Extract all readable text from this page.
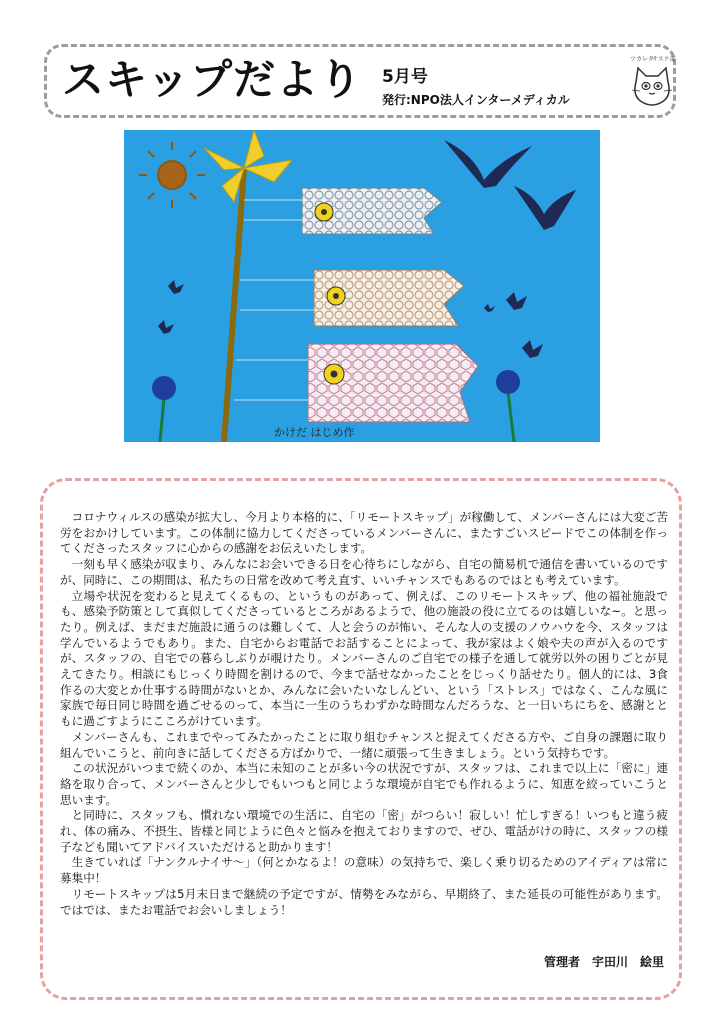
スキップだより 5月号
発行:NPO法人インターメディカル
ツカレタ
サスケ部
かけだ はじめ作

コロナウィルスの感染が拡大し、今月より本格的に、「リモートスキップ」が稼働して、メンバーさんには大変ご苦労をおかけしています。この体制に協力してくださっているメンバーさんに、またすごいスピードでこの体制を作ってくださったスタッフに心からの感謝をお伝えいたします。

一刻も早く感染が収まり、みんなにお会いできる日を心待ちにしながら、自宅の簡易机で通信を書いているのですが、同時に、この期間は、私たちの日常を改めて考え直す、いいチャンスでもあるのではとも考えています。

立場や状況を変わると見えてくるもの、というものがあって、例えば、このリモートスキップ、他の福祉施設でも、感染予防策として真似してくださっているところがあるようで、他の施設の役に立てるのは嬉しいな~。と思ったり。例えば、まだまだ施設に通うのは難しくて、人と会うのが怖い、そんな人の支援のノウハウを今、スタッフは学んでいるようでもあり。また、自宅からお電話でお話することによって、我が家はよく娘や夫の声が入るのですが、スタッフの、自宅での暮らしぶりが覗けたり。メンバーさんのご自宅での様子を通して就労以外の困りごとが見えてきたり。相談にもじっくり時間を割けるので、今まで話せなかったことをじっくり話せたり。個人的には、3食作るの大変とか仕事する時間がないとか、みんなに会いたいなしんどい、という「ストレス」ではなく、こんな風に家族で毎日同じ時間を過ごせるのって、本当に一生のうちわずかな時間なんだろうな、と一日いちにちを、感謝とともに過ごすようにこころがけています。

メンバーさんも、これまでやってみたかったことに取り組むチャンスと捉えてくださる方や、ご自身の課題に取り組んでいこうと、前向きに話してくださる方ばかりで、一緒に頑張って生きましょう。という気持ちです。

この状況がいつまで続くのか、本当に未知のことが多い今の状況ですが、スタッフは、これまで以上に「密に」連絡を取り合って、メンバーさんと少しでもいつもと同じような環境が自宅でも作れるように、知恵を絞っていこうと思います。

と同時に、スタッフも、慣れない環境での生活に、自宅の「密」がつらい！寂しい！忙しすぎる！いつもと違う疲れ、体の痛み、不摂生、皆様と同じように色々と悩みを抱えておりますので、ぜひ、電話がけの時に、スタッフの様子なども聞いてアドバイスいただけると助かります！

生きていれば「ナンクルナイサ～」（何とかなるよ！の意味）の気持ちで、楽しく乗り切るためのアイディアは常に募集中！

リモートスキップは5月末日まで継続の予定ですが、情勢をみながら、早期終了、また延長の可能性があります。ではでは、またお電話でお会いしましょう！

管理者　宇田川　絵里
